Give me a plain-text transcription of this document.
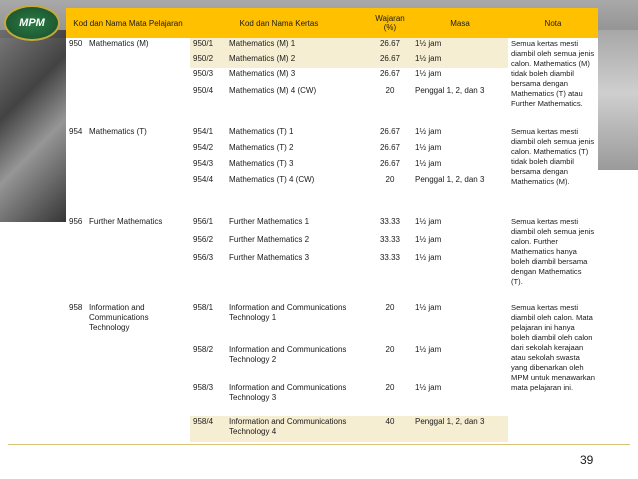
MPM	Kod dan Nama Mata Pelajaran		Kod dan Nama Kertas		Wajaran (%)	Masa	Nota
950	Mathematics (M)	950/1	Mathematics (M) 1	26.67	1½ jam	Semua kertas mesti diambil oleh semua jenis calon. Mathematics (M) tidak boleh diambil bersama dengan Mathematics (T) atau Further Mathematics.
		950/2	Mathematics (M) 2	26.67	1½ jam	
		950/3	Mathematics (M) 3	26.67	1½ jam	
		950/4	Mathematics (M) 4 (CW)	20	Penggal 1, 2, dan 3	

954	Mathematics (T)	954/1	Mathematics (T) 1	26.67	1½ jam	Semua kertas mesti diambil oleh semua jenis calon. Mathematics (T) tidak boleh diambil bersama dengan Mathematics (M).
		954/2	Mathematics (T) 2	26.67	1½ jam	
		954/3	Mathematics (T) 3	26.67	1½ jam	
		954/4	Mathematics (T) 4 (CW)	20	Penggal 1, 2, dan 3	

956	Further Mathematics	956/1	Further Mathematics 1	33.33	1½ jam	Semua kertas mesti diambil oleh semua jenis calon. Further Mathematics hanya boleh diambil bersama dengan Mathematics (T).
		956/2	Further Mathematics 2	33.33	1½ jam	
		956/3	Further Mathematics 3	33.33	1½ jam	

958	Information and Communications Technology	958/1	Information and Communications Technology 1	20	1½ jam	Semua kertas mesti diambil oleh calon. Mata pelajaran ini hanya boleh diambil oleh calon dari sekolah kerajaan atau sekolah swasta yang dibenarkan oleh MPM untuk menawarkan mata pelajaran ini.
		958/2	Information and Communications Technology 2	20	1½ jam	
		958/3	Information and Communications Technology 3	20	1½ jam	
		958/4	Information and Communications Technology 4	40	Penggal 1, 2, dan 3	
39
